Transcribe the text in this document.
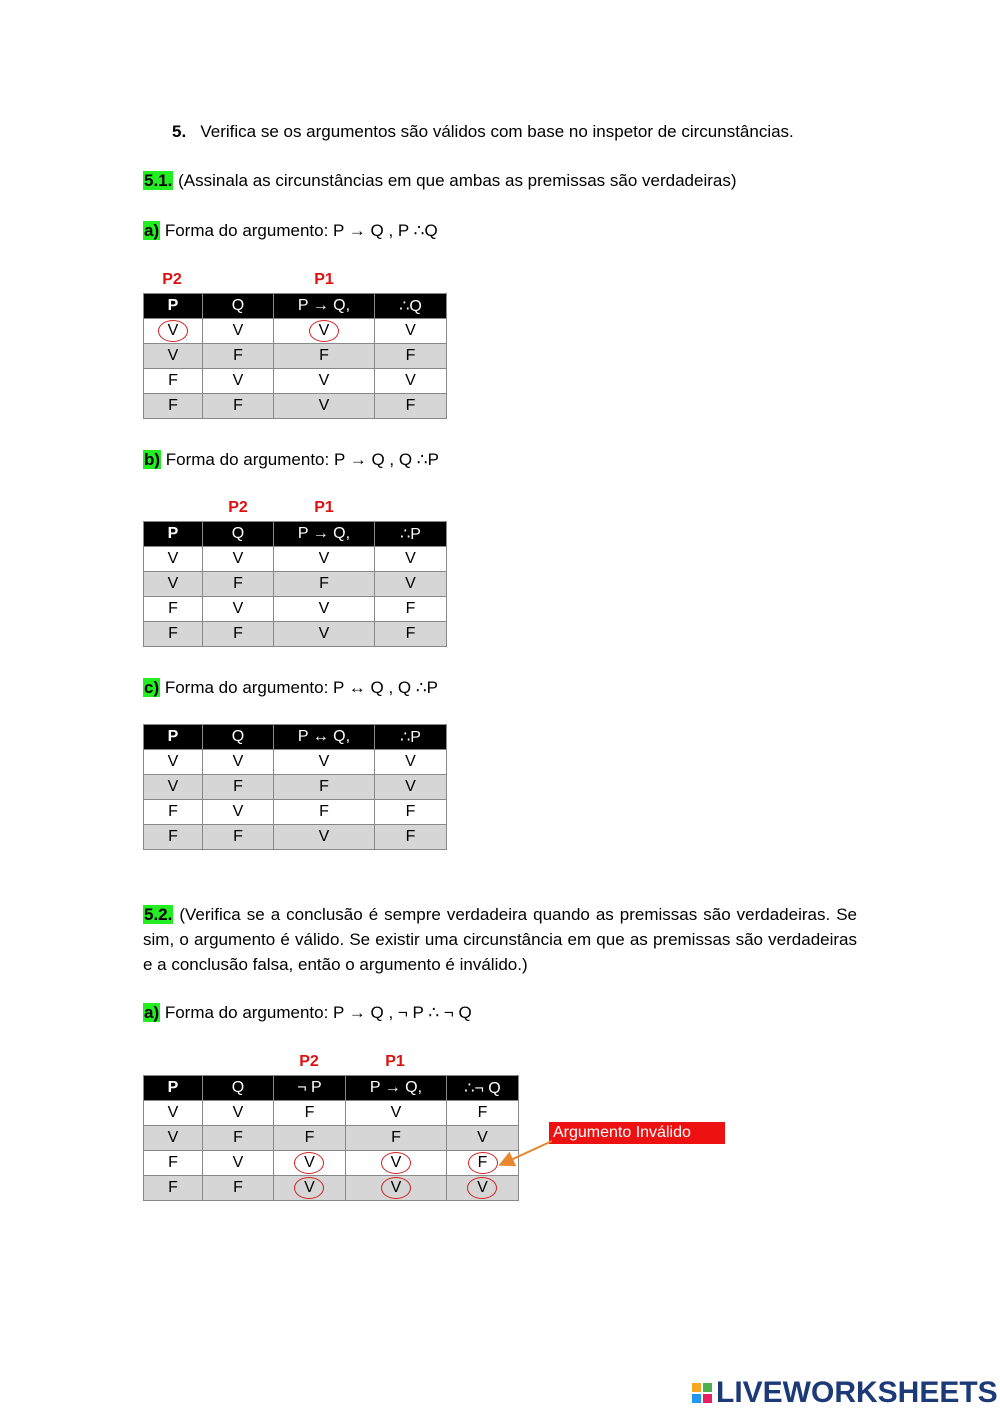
5. Verifica se os argumentos são válidos com base no inspetor de circunstâncias.
5.1. (Assinala as circunstâncias em que ambas as premissas são verdadeiras)
a) Forma do argumento: P → Q , P ∴Q
P2	P1
P	Q	P → Q,	∴Q
V	V	V	V
V	F	F	F
F	V	V	V
F	F	V	F
b) Forma do argumento: P → Q , Q ∴P
P2	P1
P	Q	P → Q,	∴P
V	V	V	V
V	F	F	V
F	V	V	F
F	F	V	F
c) Forma do argumento: P ↔ Q , Q ∴P
P	Q	P ↔ Q,	∴P
V	V	V	V
V	F	F	V
F	V	F	F
F	F	V	F
5.2. (Verifica se a conclusão é sempre verdadeira quando as premissas são verdadeiras. Se sim, o argumento é válido. Se existir uma circunstância em que as premissas são verdadeiras e a conclusão falsa, então o argumento é inválido.)
a) Forma do argumento: P → Q , ¬ P ∴ ¬ Q
P2	P1
P	Q	¬ P	P → Q,	∴¬ Q
V	V	F	V	F
V	F	F	F	V
F	V	V	V	F
F	F	V	V	V
Argumento Inválido
LIVEWORKSHEETS
